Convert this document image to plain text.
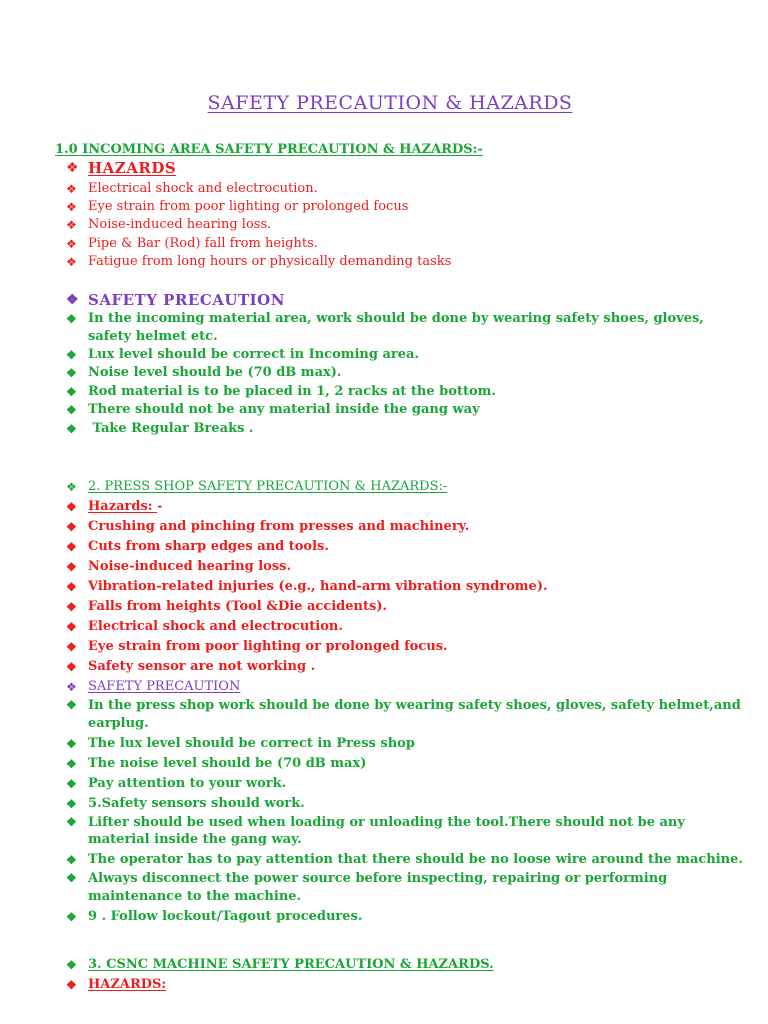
SAFETY PRECAUTION & HAZARDS
1.0 INCOMING AREA SAFETY PRECAUTION & HAZARDS:-
❖ HAZARDS
❖ Electrical shock and electrocution.
❖ Eye strain from poor lighting or prolonged focus
❖ Noise-induced hearing loss.
❖ Pipe & Bar (Rod) fall from heights.
❖ Fatigue from long hours or physically demanding tasks
❖ SAFETY PRECAUTION
❖ In the incoming material area, work should be done by wearing safety shoes, gloves, safety helmet etc.
❖ Lux level should be correct in Incoming area.
❖ Noise level should be (70 dB max).
❖ Rod material is to be placed in 1, 2 racks at the bottom.
❖ There should not be any material inside the gang way
❖ Take Regular Breaks .
❖ 2. PRESS SHOP SAFETY PRECAUTION & HAZARDS:-
❖ Hazards: -
❖ Crushing and pinching from presses and machinery.
❖ Cuts from sharp edges and tools.
❖ Noise-induced hearing loss.
❖ Vibration-related injuries (e.g., hand-arm vibration syndrome).
❖ Falls from heights (Tool &Die accidents).
❖ Electrical shock and electrocution.
❖ Eye strain from poor lighting or prolonged focus.
❖ Safety sensor are not working .
❖ SAFETY PRECAUTION
❖ In the press shop work should be done by wearing safety shoes, gloves, safety helmet,and earplug.
❖ The lux level should be correct in Press shop
❖ The noise level should be (70 dB max)
❖ Pay attention to your work.
❖ 5.Safety sensors should work.
❖ Lifter should be used when loading or unloading the tool.There should not be any material inside the gang way.
❖ The operator has to pay attention that there should be no loose wire around the machine.
❖ Always disconnect the power source before inspecting, repairing or performing maintenance to the machine.
❖ 9 . Follow lockout/Tagout procedures.
❖ 3. CSNC MACHINE SAFETY PRECAUTION & HAZARDS.
❖ HAZARDS:
